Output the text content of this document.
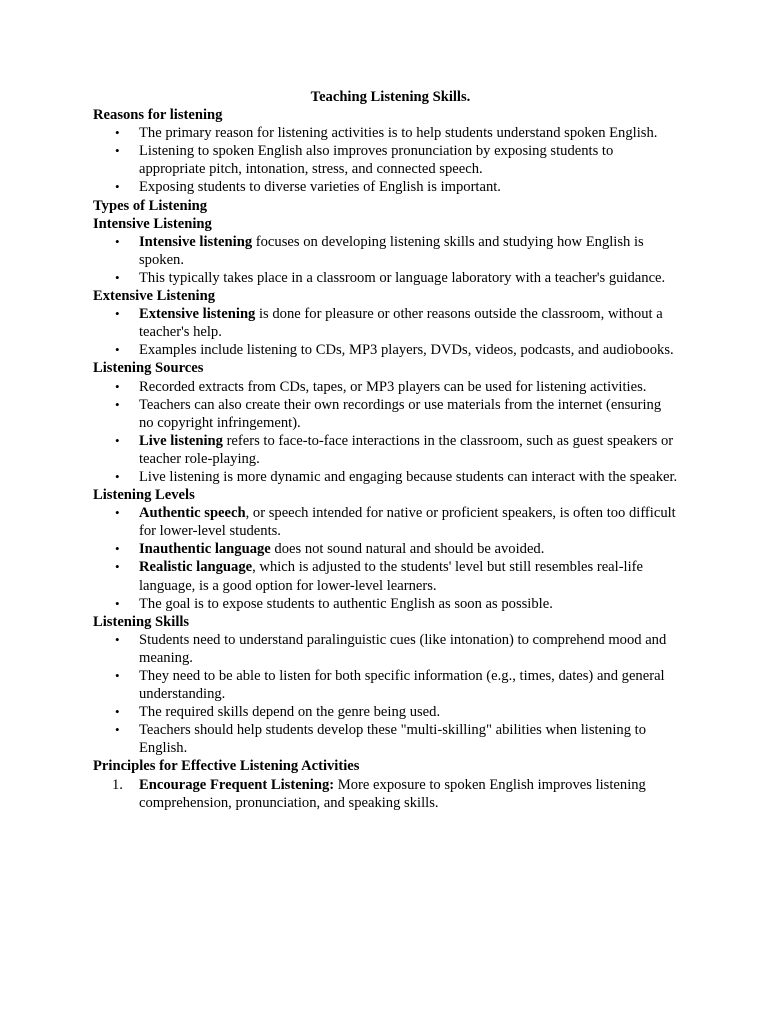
Teaching Listening Skills.

Reasons for listening

• The primary reason for listening activities is to help students understand spoken English.
• Listening to spoken English also improves pronunciation by exposing students to appropriate pitch, intonation, stress, and connected speech.
• Exposing students to diverse varieties of English is important.

Types of Listening

Intensive Listening

• Intensive listening focuses on developing listening skills and studying how English is spoken.
• This typically takes place in a classroom or language laboratory with a teacher's guidance.

Extensive Listening

• Extensive listening is done for pleasure or other reasons outside the classroom, without a teacher's help.
• Examples include listening to CDs, MP3 players, DVDs, videos, podcasts, and audiobooks.

Listening Sources

• Recorded extracts from CDs, tapes, or MP3 players can be used for listening activities.
• Teachers can also create their own recordings or use materials from the internet (ensuring no copyright infringement).
• Live listening refers to face-to-face interactions in the classroom, such as guest speakers or teacher role-playing.
• Live listening is more dynamic and engaging because students can interact with the speaker.

Listening Levels

• Authentic speech, or speech intended for native or proficient speakers, is often too difficult for lower-level students.
• Inauthentic language does not sound natural and should be avoided.
• Realistic language, which is adjusted to the students' level but still resembles real-life language, is a good option for lower-level learners.
• The goal is to expose students to authentic English as soon as possible.

Listening Skills

• Students need to understand paralinguistic cues (like intonation) to comprehend mood and meaning.
• They need to be able to listen for both specific information (e.g., times, dates) and general understanding.
• The required skills depend on the genre being used.
• Teachers should help students develop these "multi-skilling" abilities when listening to English.

Principles for Effective Listening Activities

1. Encourage Frequent Listening: More exposure to spoken English improves listening comprehension, pronunciation, and speaking skills.
